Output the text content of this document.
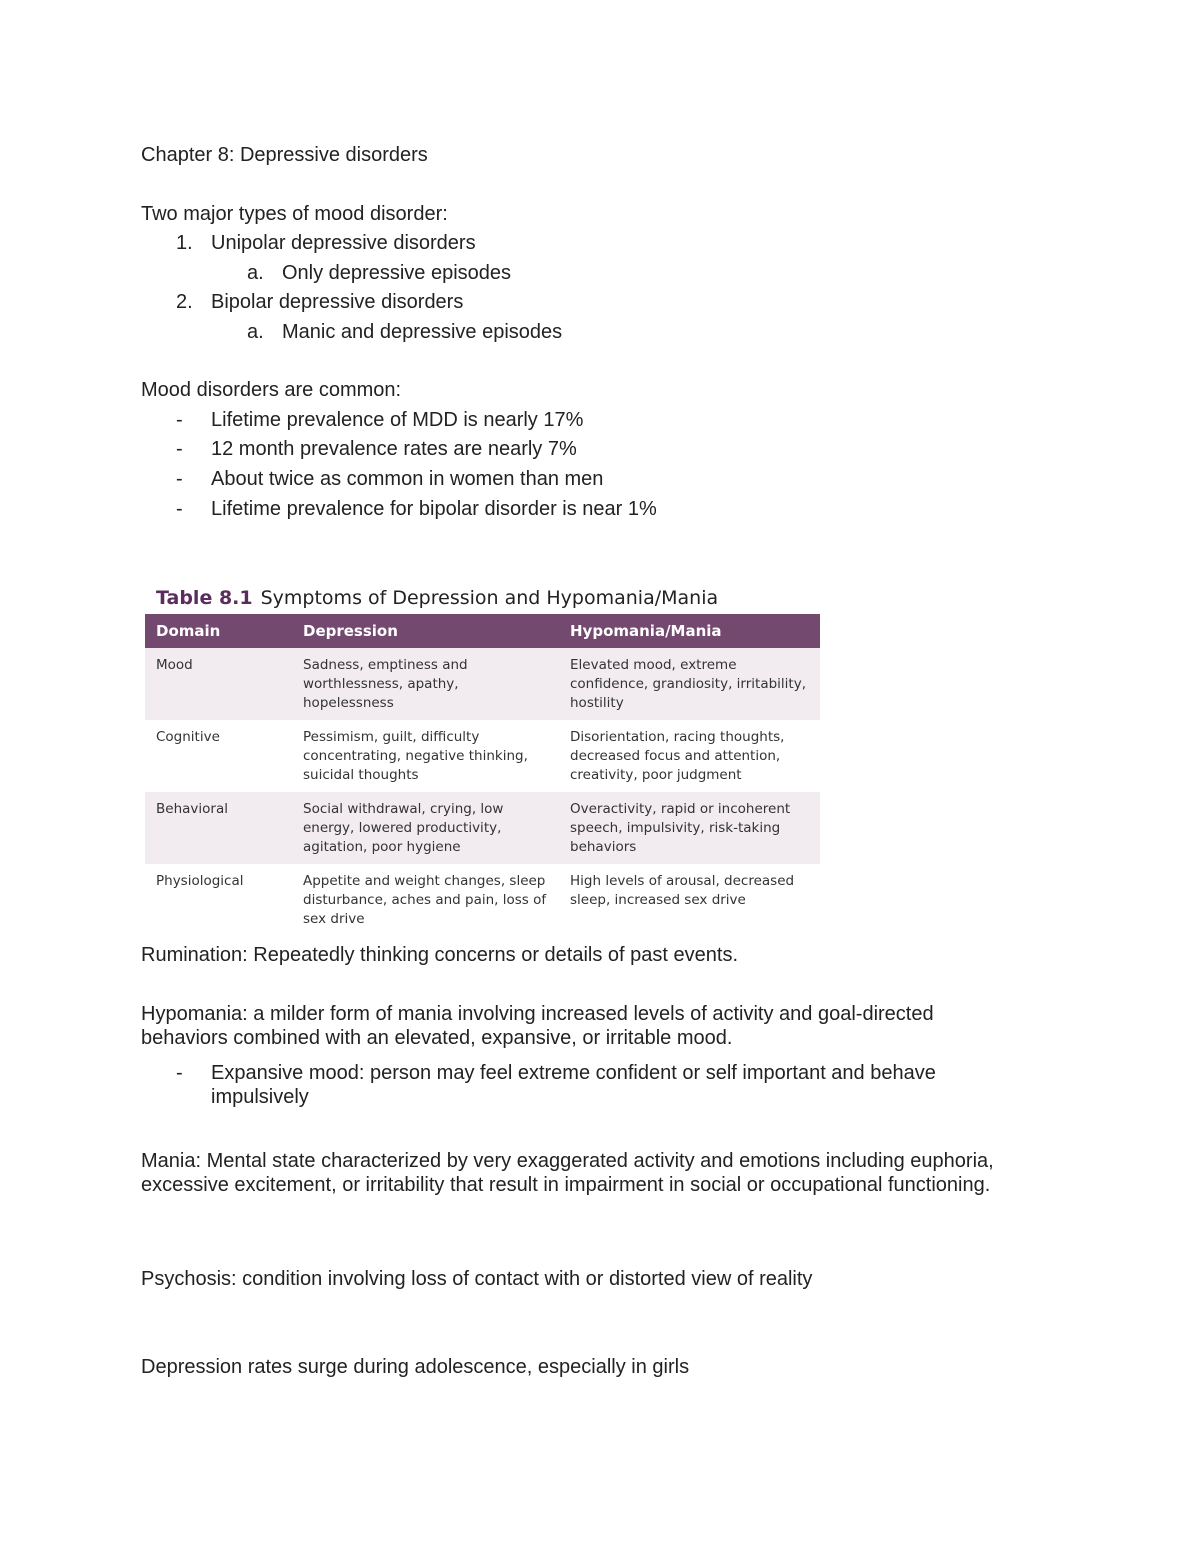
Chapter 8: Depressive disorders
Two major types of mood disorder:
1. Unipolar depressive disorders
a. Only depressive episodes
2. Bipolar depressive disorders
a. Manic and depressive episodes
Mood disorders are common:
- Lifetime prevalence of MDD is nearly 17%
- 12 month prevalence rates are nearly 7%
- About twice as common in women than men
- Lifetime prevalence for bipolar disorder is near 1%
Table 8.1 Symptoms of Depression and Hypomania/Mania
Domain	Depression	Hypomania/Mania
Mood	Sadness, emptiness and worthlessness, apathy, hopelessness	Elevated mood, extreme confidence, grandiosity, irritability, hostility
Cognitive	Pessimism, guilt, difficulty concentrating, negative thinking, suicidal thoughts	Disorientation, racing thoughts, decreased focus and attention, creativity, poor judgment
Behavioral	Social withdrawal, crying, low energy, lowered productivity, agitation, poor hygiene	Overactivity, rapid or incoherent speech, impulsivity, risk-taking behaviors
Physiological	Appetite and weight changes, sleep disturbance, aches and pain, loss of sex drive	High levels of arousal, decreased sleep, increased sex drive
Rumination: Repeatedly thinking concerns or details of past events.
Hypomania: a milder form of mania involving increased levels of activity and goal-directed behaviors combined with an elevated, expansive, or irritable mood.
- Expansive mood: person may feel extreme confident or self important and behave impulsively
Mania: Mental state characterized by very exaggerated activity and emotions including euphoria, excessive excitement, or irritability that result in impairment in social or occupational functioning.
Psychosis: condition involving loss of contact with or distorted view of reality
Depression rates surge during adolescence, especially in girls
